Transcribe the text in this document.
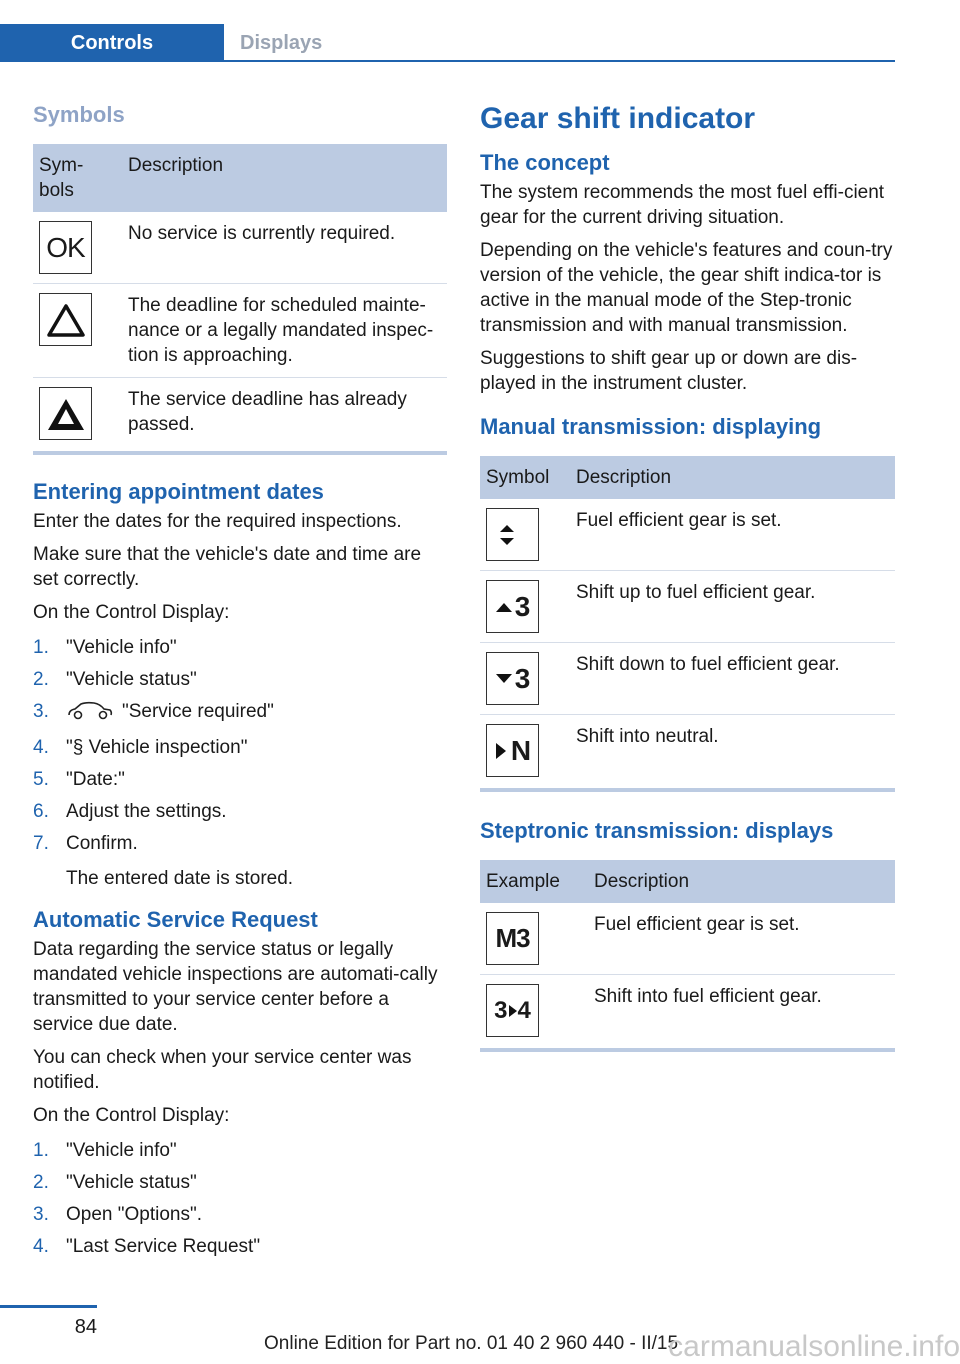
Controls	Displays
Symbols
Sym-bols	Description

OK	No service is currently required.

	The deadline for scheduled mainte-nance or a legally mandated inspec-tion is approaching.

	The service deadline has already passed.
Entering appointment dates

Enter the dates for the required inspections.

Make sure that the vehicle's date and time are set correctly.

On the Control Display:

1. "Vehicle info"
2. "Vehicle status"
3.	"Service required"
4. "§ Vehicle inspection"
5. "Date:"
6. Adjust the settings.
7. Confirm.
The entered date is stored.
Automatic Service Request

Data regarding the service status or legally mandated vehicle inspections are automati-cally transmitted to your service center before a service due date.

You can check when your service center was notified.

On the Control Display:

1. "Vehicle info"
2. "Vehicle status"
3. Open "Options".
4. "Last Service Request"
Gear shift indicator
The concept

The system recommends the most fuel effi-cient gear for the current driving situation.

Depending on the vehicle's features and coun-try version of the vehicle, the gear shift indica-tor is active in the manual mode of the Step-tronic transmission and with manual transmission.

Suggestions to shift gear up or down are dis-played in the instrument cluster.

Manual transmission: displaying
Symbol	Description

	Fuel efficient gear is set.

3	Shift up to fuel efficient gear.

3	Shift down to fuel efficient gear.

N	Shift into neutral.
Steptronic transmission: displays
Example	Description

M3	Fuel efficient gear is set.

3 4	Shift into fuel efficient gear.
84
Online Edition for Part no. 01 40 2 960 440 - II/15
carmanualsonline.info
